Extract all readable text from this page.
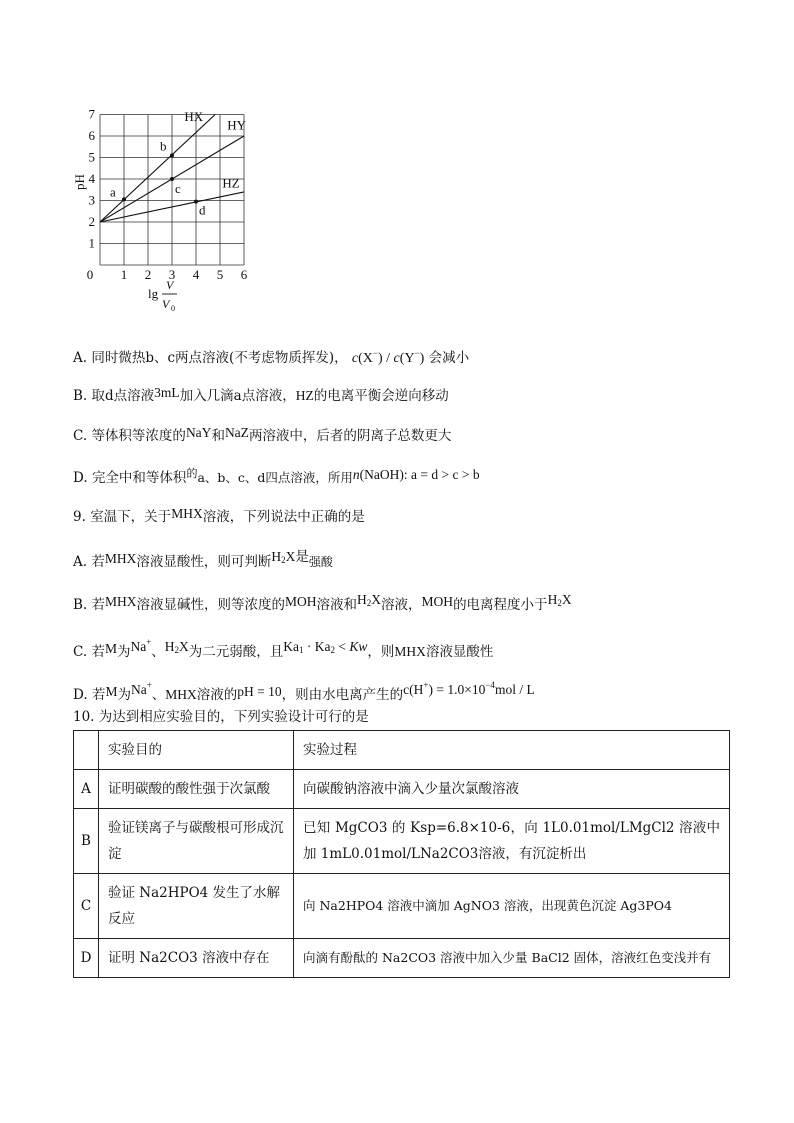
HX
HY
HZ
a
b
c
d
0 1 2 3 4 5 6
1
2
3
4
5
6
7
pH
lg
V
V 0
A. 同时微热b、c两点溶液(不考虑物质挥发)， c(X−) / c(Y−) 会减小
B. 取d点溶液3mL加入几滴a点溶液，HZ的电离平衡会逆向移动
C. 等体积等浓度的NaY和NaZ两溶液中，后者的阴离子总数更大
D. 完全中和等体积$^的$a、b、c、d四点溶液，所用n(NaOH): a = d > c > b
9. 室温下，关于MHX溶液，下列说法中正确的是
A. 若MHX溶液显酸性，则可判断$H_2X$是强酸
B. 若MHX溶液显碱性，则等浓度的MOH溶液和$H_2X$溶液，MOH的电离程度小于$H_2X$
C. 若M为Na+、$H_2X$为二元弱酸，且$Ka_1 \cdot Ka_2 < Kw$，则MHX溶液显酸性
D. 若M为Na+、MHX溶液的pH = 10，则由水电离产生的$c(H^+) = 1.0\times 10^{-4}mol / L$
10. 为达到相应实验目的，下列实验设计可行的是
	实验目的	实验过程
A	证明碳酸的酸性强于次氯酸	向碳酸钠溶液中滴入少量次氯酸溶液
B	验证镁离子与碳酸根可形成沉淀	已知 MgCO3 的 Ksp=6.8×10-6，向 1L0.01mol/LMgCl2 溶液中加 1mL0.01mol/LNa2CO3溶液，有沉淀析出
C	验证 Na2HPO4 发生了水解反应	向 Na2HPO4 溶液中滴加 AgNO3 溶液，出现黄色沉淀 Ag3PO4
D	证明 Na2CO3 溶液中存在	向滴有酚酞的 Na2CO3 溶液中加入少量 BaCl2 固体，溶液红色变浅并有
